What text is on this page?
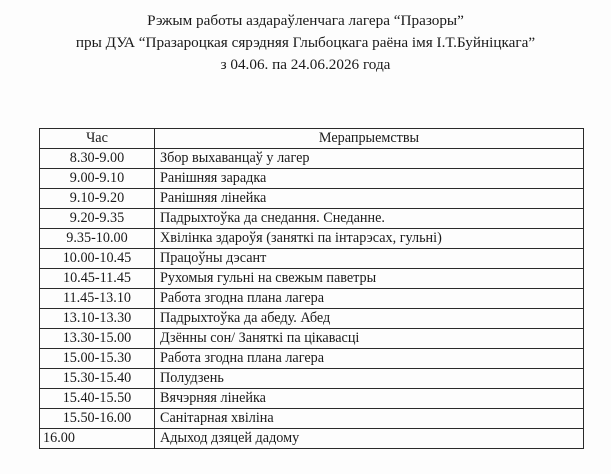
Рэжым работы аздараўленчага лагера “Празоры”
пры ДУА “Празароцкая сярэдняя Глыбоцкага раёна імя І.Т.Буйніцкага”
з 04.06. па 24.06.2026 года
Час	Мерапрыемствы
8.30-9.00	Збор выхаванцаў у лагер
9.00-9.10	Ранішняя зарадка
9.10-9.20	Ранішняя лінейка
9.20-9.35	Падрыхтоўка да снедання. Снеданне.
9.35-10.00	Хвілінка здароўя (заняткі па інтарэсах, гульні)
10.00-10.45	Працоўны дэсант
10.45-11.45	Рухомыя гульні на свежым паветры
11.45-13.10	Работа згодна плана лагера
13.10-13.30	Падрыхтоўка да абеду. Абед
13.30-15.00	Дзённы сон/ Заняткі па цікавасці
15.00-15.30	Работа згодна плана лагера
15.30-15.40	Полудзень
15.40-15.50	Вячэрняя лінейка
15.50-16.00	Санітарная хвіліна
16.00	Адыход дзяцей дадому
